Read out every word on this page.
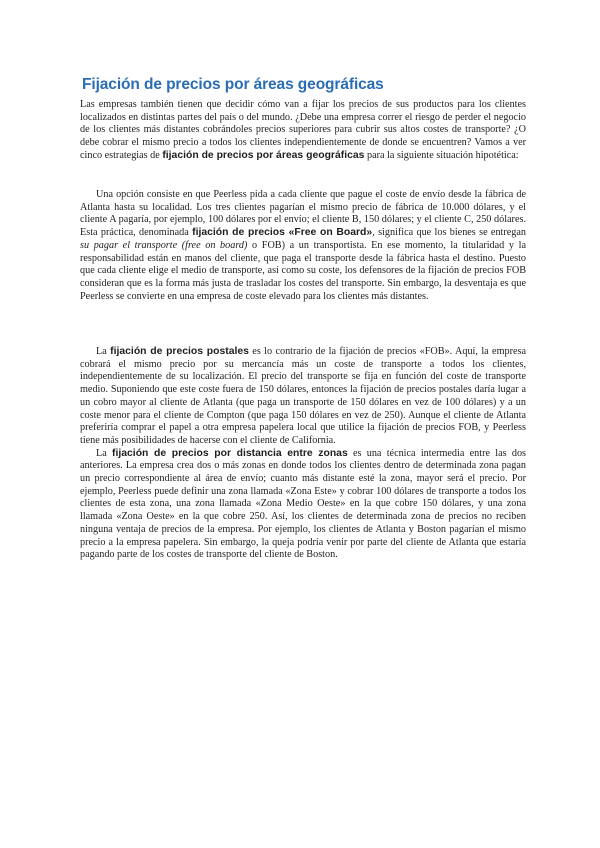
Fijación de precios por áreas geográficas

Las empresas también tienen que decidir cómo van a fijar los precios de sus productos para los clientes localizados en distintas partes del país o del mundo. ¿Debe una empresa correr el riesgo de perder el negocio de los clientes más distantes cobrándoles precios superiores para cubrir sus altos costes de transporte? ¿O debe cobrar el mismo precio a todos los clientes independientemente de donde se encuentren? Vamos a ver cinco estrategias de fijación de precios por áreas geográficas para la siguiente situación hipotética:

Una opción consiste en que Peerless pida a cada cliente que pague el coste de envío desde la fábrica de Atlanta hasta su localidad. Los tres clientes pagarían el mismo precio de fábrica de 10.000 dólares, y el cliente A pagaría, por ejemplo, 100 dólares por el envío; el cliente B, 150 dólares; y el cliente C, 250 dólares. Esta práctica, denominada fijación de precios «Free on Board», significa que los bienes se entregan su pagar el transporte (free on board) o FOB) a un transportista. En ese momento, la titularidad y la responsabilidad están en manos del cliente, que paga el transporte desde la fábrica hasta el destino. Puesto que cada cliente elige el medio de transporte, así como su coste, los defensores de la fijación de precios FOB consideran que es la forma más justa de trasladar los costes del transporte. Sin embargo, la desventaja es que Peerless se convierte en una empresa de coste elevado para los clientes más distantes.

La fijación de precios postales es lo contrario de la fijación de precios «FOB». Aquí, la empresa cobrará el mismo precio por su mercancía más un coste de transporte a todos los clientes, independientemente de su localización. El precio del transporte se fija en función del coste de transporte medio. Suponiendo que este coste fuera de 150 dólares, entonces la fijación de precios postales daría lugar a un cobro mayor al cliente de Atlanta (que paga un transporte de 150 dólares en vez de 100 dólares) y a un coste menor para el cliente de Compton (que paga 150 dólares en vez de 250). Aunque el cliente de Atlanta preferiría comprar el papel a otra empresa papelera local que utilice la fijación de precios FOB, y Peerless tiene más posibilidades de hacerse con el cliente de California.

La fijación de precios por distancia entre zonas es una técnica intermedia entre las dos anteriores. La empresa crea dos o más zonas en donde todos los clientes dentro de determinada zona pagan un precio correspondiente al área de envío; cuanto más distante esté la zona, mayor será el precio. Por ejemplo, Peerless puede definir una zona llamada «Zona Este» y cobrar 100 dólares de transporte a todos los clientes de esta zona, una zona llamada «Zona Medio Oeste» en la que cobre 150 dólares, y una zona llamada «Zona Oeste» en la que cobre 250. Así, los clientes de determinada zona de precios no reciben ninguna ventaja de precios de la empresa. Por ejemplo, los clientes de Atlanta y Boston pagarían el mismo precio a la empresa papelera. Sin embargo, la queja podría venir por parte del cliente de Atlanta que estaría pagando parte de los costes de transporte del cliente de Boston.
